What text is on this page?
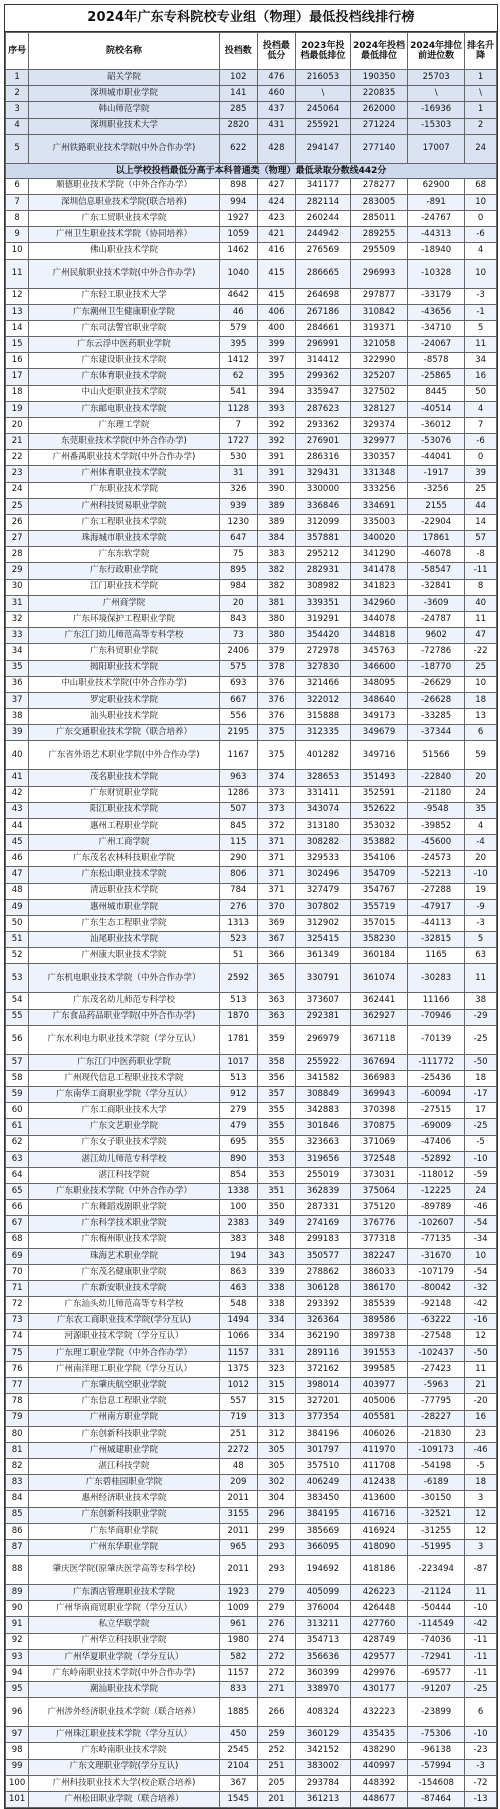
2024年广东专科院校专业组（物理）最低投档线排行榜
序号	院校名称	投档数	投档最低分	2023年投档最低排位	2024年投档最低排位	2024年排位前进位数	排名升降
1	韶关学院	102	476	216053	190350	25703	1
2	深圳城市职业学院	141	460	\	220835	\	\
3	韩山师范学院	285	437	245064	262000	-16936	1
4	深圳职业技术大学	2820	431	255921	271224	-15303	2
5	广州铁路职业技术学院(中外合作办学)	622	428	294147	277140	17007	24
以上学校投档最低分高于本科普通类（物理）最低录取分数线442分							
6	顺德职业技术学院（中外合作办学）	898	427	341177	278277	62900	68
7	深圳信息职业技术学院(联合培养)	994	424	282114	283005	-891	10
8	广东工贸职业技术学院	1927	423	260244	285011	-24767	0
9	广州卫生职业技术学院（协同培养）	1059	421	244942	289255	-44313	-6
10	佛山职业技术学院	1462	416	276569	295509	-18940	4
11	广州民航职业技术学院(中外合作办学)	1040	415	286665	296993	-10328	10
12	广东轻工职业技术大学	4642	415	264698	297877	-33179	-3
13	广东潮州卫生健康职业学院	46	406	267186	310842	-43656	-1
14	广东司法警官职业学院	579	400	284661	319371	-34710	5
15	广东云浮中医药职业学院	395	399	296991	321058	-24067	11
16	广东建设职业技术学院	1412	397	314412	322990	-8578	34
17	广东体育职业技术学院	62	395	299362	325207	-25865	16
18	中山火炬职业技术学院	541	394	335947	327502	8445	50
19	广东邮电职业技术学院	1128	393	287623	328127	-40514	4
20	广东理工学院	7	392	293362	329374	-36012	7
21	东莞职业技术学院(中外合作办学)	1727	392	276901	329977	-53076	-6
22	广州番禺职业技术学院(中外合作办学)	530	391	286316	330357	-44041	0
23	广州体育职业技术学院	31	391	329431	331348	-1917	39
24	广东职业技术学院	326	390	330000	333256	-3256	25
25	广州科技贸易职业学院	939	389	336846	334691	2155	44
26	广东工程职业技术学院	1230	389	312099	335003	-22904	14
27	珠海城市职业技术学院	647	384	357881	340020	17861	57
28	广东东软学院	75	383	295212	341290	-46078	-8
29	广东行政职业学院	895	382	282931	341478	-58547	-11
30	江门职业技术学院	984	382	308982	341823	-32841	8
31	广州商学院	20	381	339351	342960	-3609	40
32	广东环境保护工程职业学院	843	380	319291	344078	-24787	11
33	广东江门幼儿师范高等专科学校	73	380	354420	344818	9602	47
34	广东科贸职业学院	2406	379	272978	345763	-72786	-22
35	揭阳职业技术学院	575	378	327830	346600	-18770	25
36	中山职业技术学院(中外合作办学)	693	376	321466	348095	-26629	10
37	罗定职业技术学院	667	376	322012	348640	-26628	18
38	汕头职业技术学院	556	376	315888	349173	-33285	13
39	广东交通职业技术学院（联合培养）	2195	375	312335	349679	-37344	6
40	广东省外语艺术职业学院(中外合作办学)	1167	375	401282	349716	51566	59
41	茂名职业技术学院	963	374	328653	351493	-22840	20
42	广东财贸职业学院	1286	373	331411	352591	-21180	24
43	阳江职业技术学院	507	373	343074	352622	-9548	35
44	惠州工程职业学院	845	372	313180	353032	-39852	4
45	广州工商学院	115	371	308282	353882	-45600	-4
46	广东茂名农林科技职业学院	290	371	329533	354106	-24573	20
47	广东松山职业技术学院	806	371	302496	354709	-52213	-10
48	清远职业技术学院	784	371	327479	354767	-27288	19
49	惠州城市职业学院	276	370	307802	355719	-47917	-9
50	广东生态工程职业学院	1313	369	312902	357015	-44113	-3
51	汕尾职业技术学院	523	367	325415	358230	-32815	5
52	广州康大职业技术学院	51	366	361349	360184	1165	63
53	广东机电职业技术学院（中外合作办学）	2592	365	330791	361074	-30283	11
54	广东茂名幼儿师范专科学校	513	363	373607	362441	11166	38
55	广东食品药品职业学院(中外合作办学)	1870	363	292381	362927	-70946	-29
56	广东水利电力职业技术学院（学分互认）	1781	359	296979	367118	-70139	-25
57	广东江门中医药职业学院	1017	358	255922	367694	-111772	-50
58	广州现代信息工程职业技术学院	513	356	341582	366983	-25436	18
59	广东南华工商职业学院（学分互认）	912	357	308849	369943	-60094	-17
60	广东工商职业技术大学	279	355	342883	370398	-27515	17
61	广东文艺职业学院	479	355	301846	370875	-69009	-25
62	广东女子职业技术学院	695	355	323663	371069	-47406	-5
63	湛江幼儿师范专科学校	890	353	319656	372548	-52892	-10
64	湛江科技学院	854	353	255019	373031	-118012	-59
65	广东职业技术学院（中外合作办学）	1338	351	362839	375064	-12225	24
66	广东舞蹈戏剧职业学院	100	350	287331	375120	-89789	-46
67	广东科学技术职业学院	2383	349	274169	376776	-102607	-54
68	广东梅州职业技术学院	383	348	299183	377318	-77135	-34
69	珠海艺术职业学院	194	343	350577	382247	-31670	10
70	广东茂名健康职业学院	863	339	278862	386033	-107179	-54
71	广东新安职业技术学院	463	338	306128	386170	-80042	-32
72	广东汕头幼儿师范高等专科学校	548	338	293392	385539	-92148	-42
73	广东农工商职业技术学院(学分互认)	1494	334	326364	389586	-63222	-16
74	河源职业技术学院（学分互认）	1066	334	362190	389738	-27548	12
75	广东理工职业学院（中外合作办学）	1157	331	289116	391553	-102437	-50
76	广州南洋理工职业学院（学分互认）	1375	323	372162	399585	-27423	11
77	广东肇庆航空职业学院	1012	315	398014	403977	-5963	21
78	广东信息工程职业学院	557	315	327201	405006	-77795	-20
79	广州南方职业学院	719	313	377354	405581	-28227	16
80	广东创新科技职业学院	251	312	384196	406026	-21830	23
81	广州城建职业学院	2272	305	301797	411970	-109173	-46
82	湛江科技学院	48	305	357510	411708	-54198	-5
83	广东碧桂园职业学院	209	302	406249	412438	-6189	18
84	惠州经济职业技术学院	2011	304	383450	413600	-30150	3
85	广东创新科技职业学院	3155	296	384195	416716	-32521	12
86	广东华商职业学院	2011	299	385669	416924	-31255	12
87	广州东华职业学院	965	293	366095	418090	-51995	3
88	肇庆医学院(原肇庆医学高等专科学校)	2011	293	194692	418186	-223494	-87
89	广东酒店管理职业技术学院	1923	279	405099	426223	-21124	11
90	广州华南商贸职业学院（学分互认）	1009	279	376004	426448	-50444	-10
91	私立华联学院	961	276	313211	427760	-114549	-42
92	广州华立科技职业学院	1980	274	354713	428749	-74036	-11
93	广州华夏职业学院（学分互认）	582	272	356636	429577	-72941	-11
94	广东岭南职业技术学院(中外合作办学)	1157	272	360399	429976	-69577	-11
95	潮汕职业技术学院	833	271	338970	430177	-91207	-25
96	广州涉外经济职业技术学院（联合培养）	1885	266	408324	432223	-23899	6
97	广州珠江职业技术学院（学分互认）	450	259	360129	435435	-75306	-10
98	广东岭南职业技术学院	2545	252	342152	438290	-96138	-23
99	广东文理职业学院(学分互认)	2104	251	383002	440997	-57994	-3
100	广州科技职业技术大学(校企联合培养)	367	205	293784	448392	-154608	-72
101	广州松田职业学院（联合培养）	1545	201	361213	448677	-87464	-13
